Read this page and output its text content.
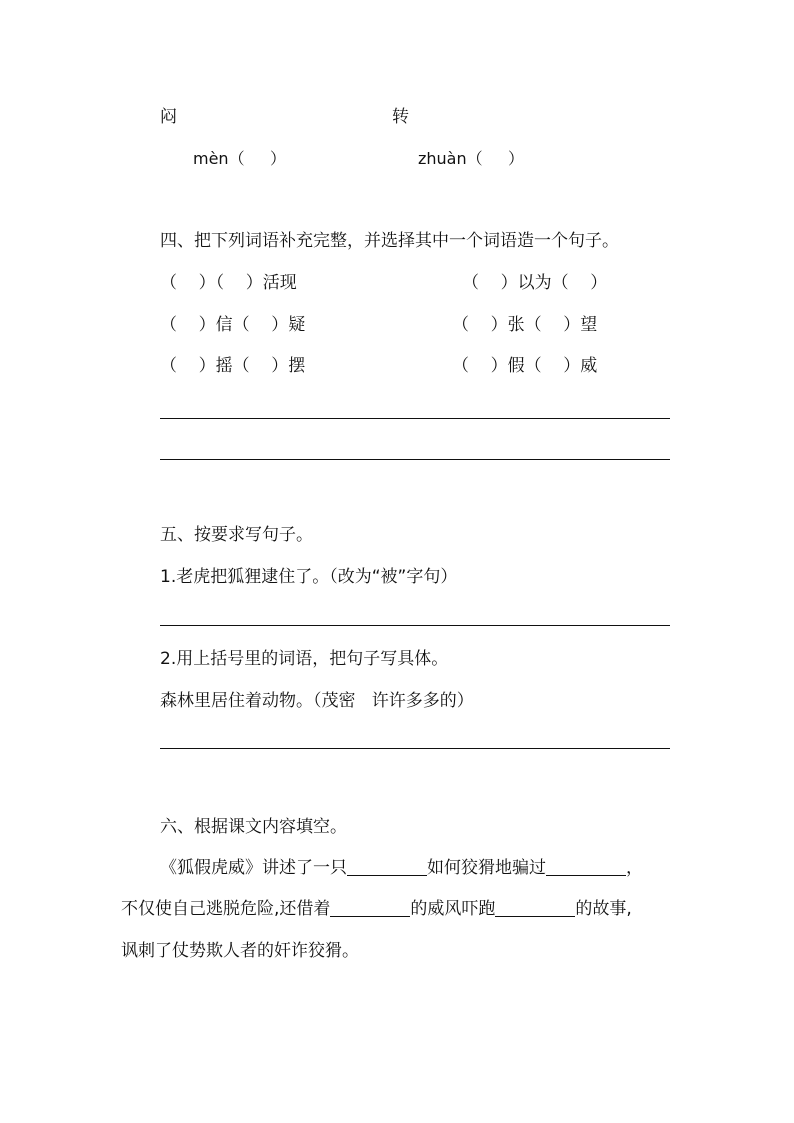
闷	转
mèn（     ）	zhuàn（     ）
四、把下列词语补充完整，并选择其中一个词语造一个句子。
（    ）（    ）活现	（    ）以为（    ）
（    ）信（    ）疑	（    ）张（    ）望
（    ）摇（    ）摆	（    ）假（    ）威
五、按要求写句子。
1.老虎把狐狸逮住了。（改为“被”字句）
2.用上括号里的词语，把句子写具体。
森林里居住着动物。（茂密   许许多多的）
六、根据课文内容填空。
《狐假虎威》讲述了一只	如何狡猾地骗过	，
不仅使自己逃脱危险,还借着	的威风吓跑	的故事,
讽刺了仗势欺人者的奸诈狡猾。
